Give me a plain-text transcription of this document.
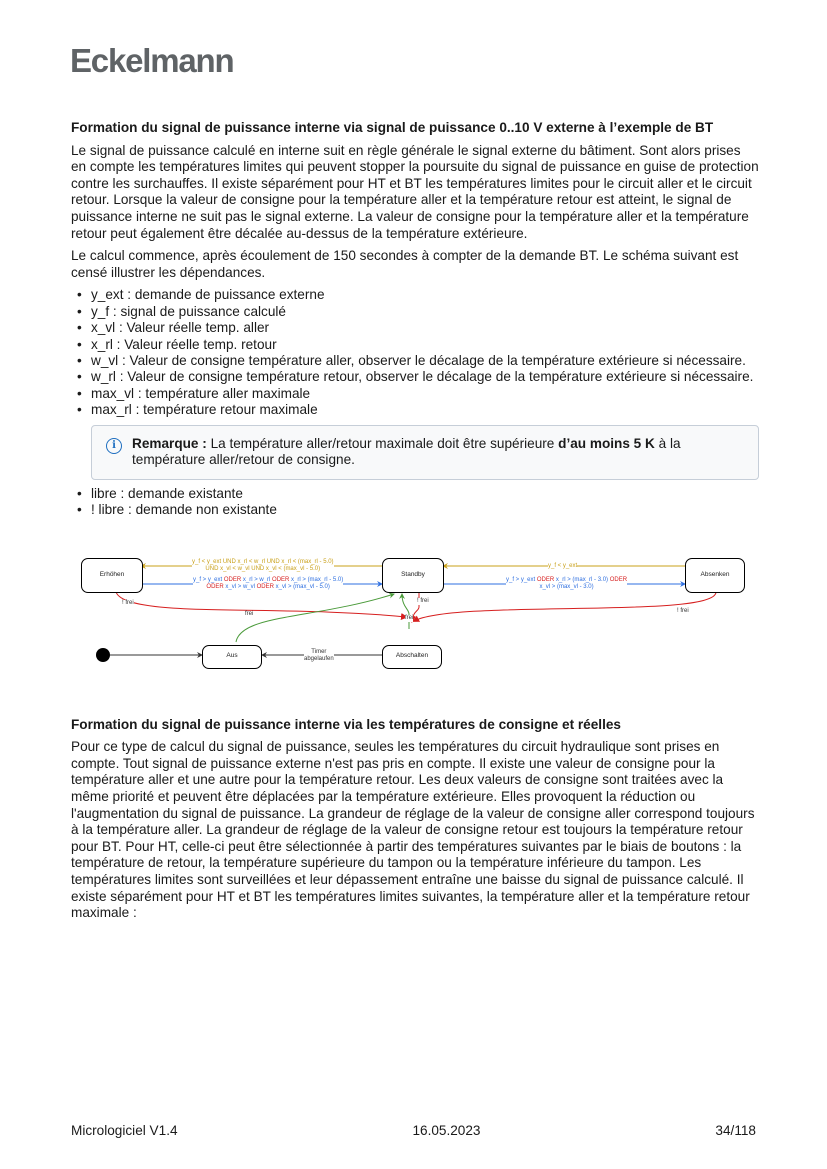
Eckelmann
Formation du signal de puissance interne via signal de puissance 0..10 V externe à l’exemple de BT

Le signal de puissance calculé en interne suit en règle générale le signal externe du bâtiment. Sont alors prises en compte les températures limites qui peuvent stopper la poursuite du signal de puissance en guise de protection contre les surchauffes. Il existe séparément pour HT et BT les températures limites pour le circuit aller et le circuit retour. Lorsque la valeur de consigne pour la température aller et la température retour est atteint, le signal de puissance interne ne suit pas le signal externe. La valeur de consigne pour la température aller et la température retour peut également être décalée au-dessus de la température extérieure.

Le calcul commence, après écoulement de 150 secondes à compter de la demande BT. Le schéma suivant est censé illustrer les dépendances.

• y_ext : demande de puissance externe
• y_f : signal de puissance calculé
• x_vl : Valeur réelle temp. aller
• x_rl : Valeur réelle temp. retour
• w_vl : Valeur de consigne température aller, observer le décalage de la température extérieure si nécessaire.
• w_rl : Valeur de consigne température retour, observer le décalage de la température extérieure si nécessaire.
• max_vl : température aller maximale
• max_rl : température retour maximale
i	Remarque : La température aller/retour maximale doit être supérieure d’au moins 5 K à la température aller/retour de consigne.
• libre : demande existante
• ! libre : demande non existante
Erhöhen	Standby	Absenken
Aus	Abschalten
y_f < y_ext UND x_rl < w_rl UND x_rl < (max_rl - 5.0)
UND x_vl < w_vl UND x_vl < (max_vl - 5.0)
y_f > y_ext ODER x_rl > w_rl ODER x_rl > (max_rl - 5.0)
ODER x_vl > w_vl ODER x_vl > (max_vl - 5.0)
y_f < y_ext
y_f > y_ext ODER x_rl > (max_rl - 3.0) ODER
x_vl > (max_vl - 3.0)
! frei
! frei
! frei
frei
frei
Timer
abgelaufen
Formation du signal de puissance interne via les températures de consigne et réelles

Pour ce type de calcul du signal de puissance, seules les températures du circuit hydraulique sont prises en compte. Tout signal de puissance externe n'est pas pris en compte. Il existe une valeur de consigne pour la température aller et une autre pour la température retour. Les deux valeurs de consigne sont traitées avec la même priorité et peuvent être déplacées par la température extérieure. Elles provoquent la réduction ou l'augmentation du signal de puissance. La grandeur de réglage de la valeur de consigne aller correspond toujours à la température aller. La grandeur de réglage de la valeur de consigne retour est toujours la température retour pour BT. Pour HT, celle-ci peut être sélectionnée à partir des températures suivantes par le biais de boutons : la température de retour, la température supérieure du tampon ou la température inférieure du tampon. Les températures limites sont surveillées et leur dépassement entraîne une baisse du signal de puissance calculé. Il existe séparément pour HT et BT les températures limites suivantes, la température aller et la température retour maximale :

Micrologiciel V1.4	16.05.2023	34/118
